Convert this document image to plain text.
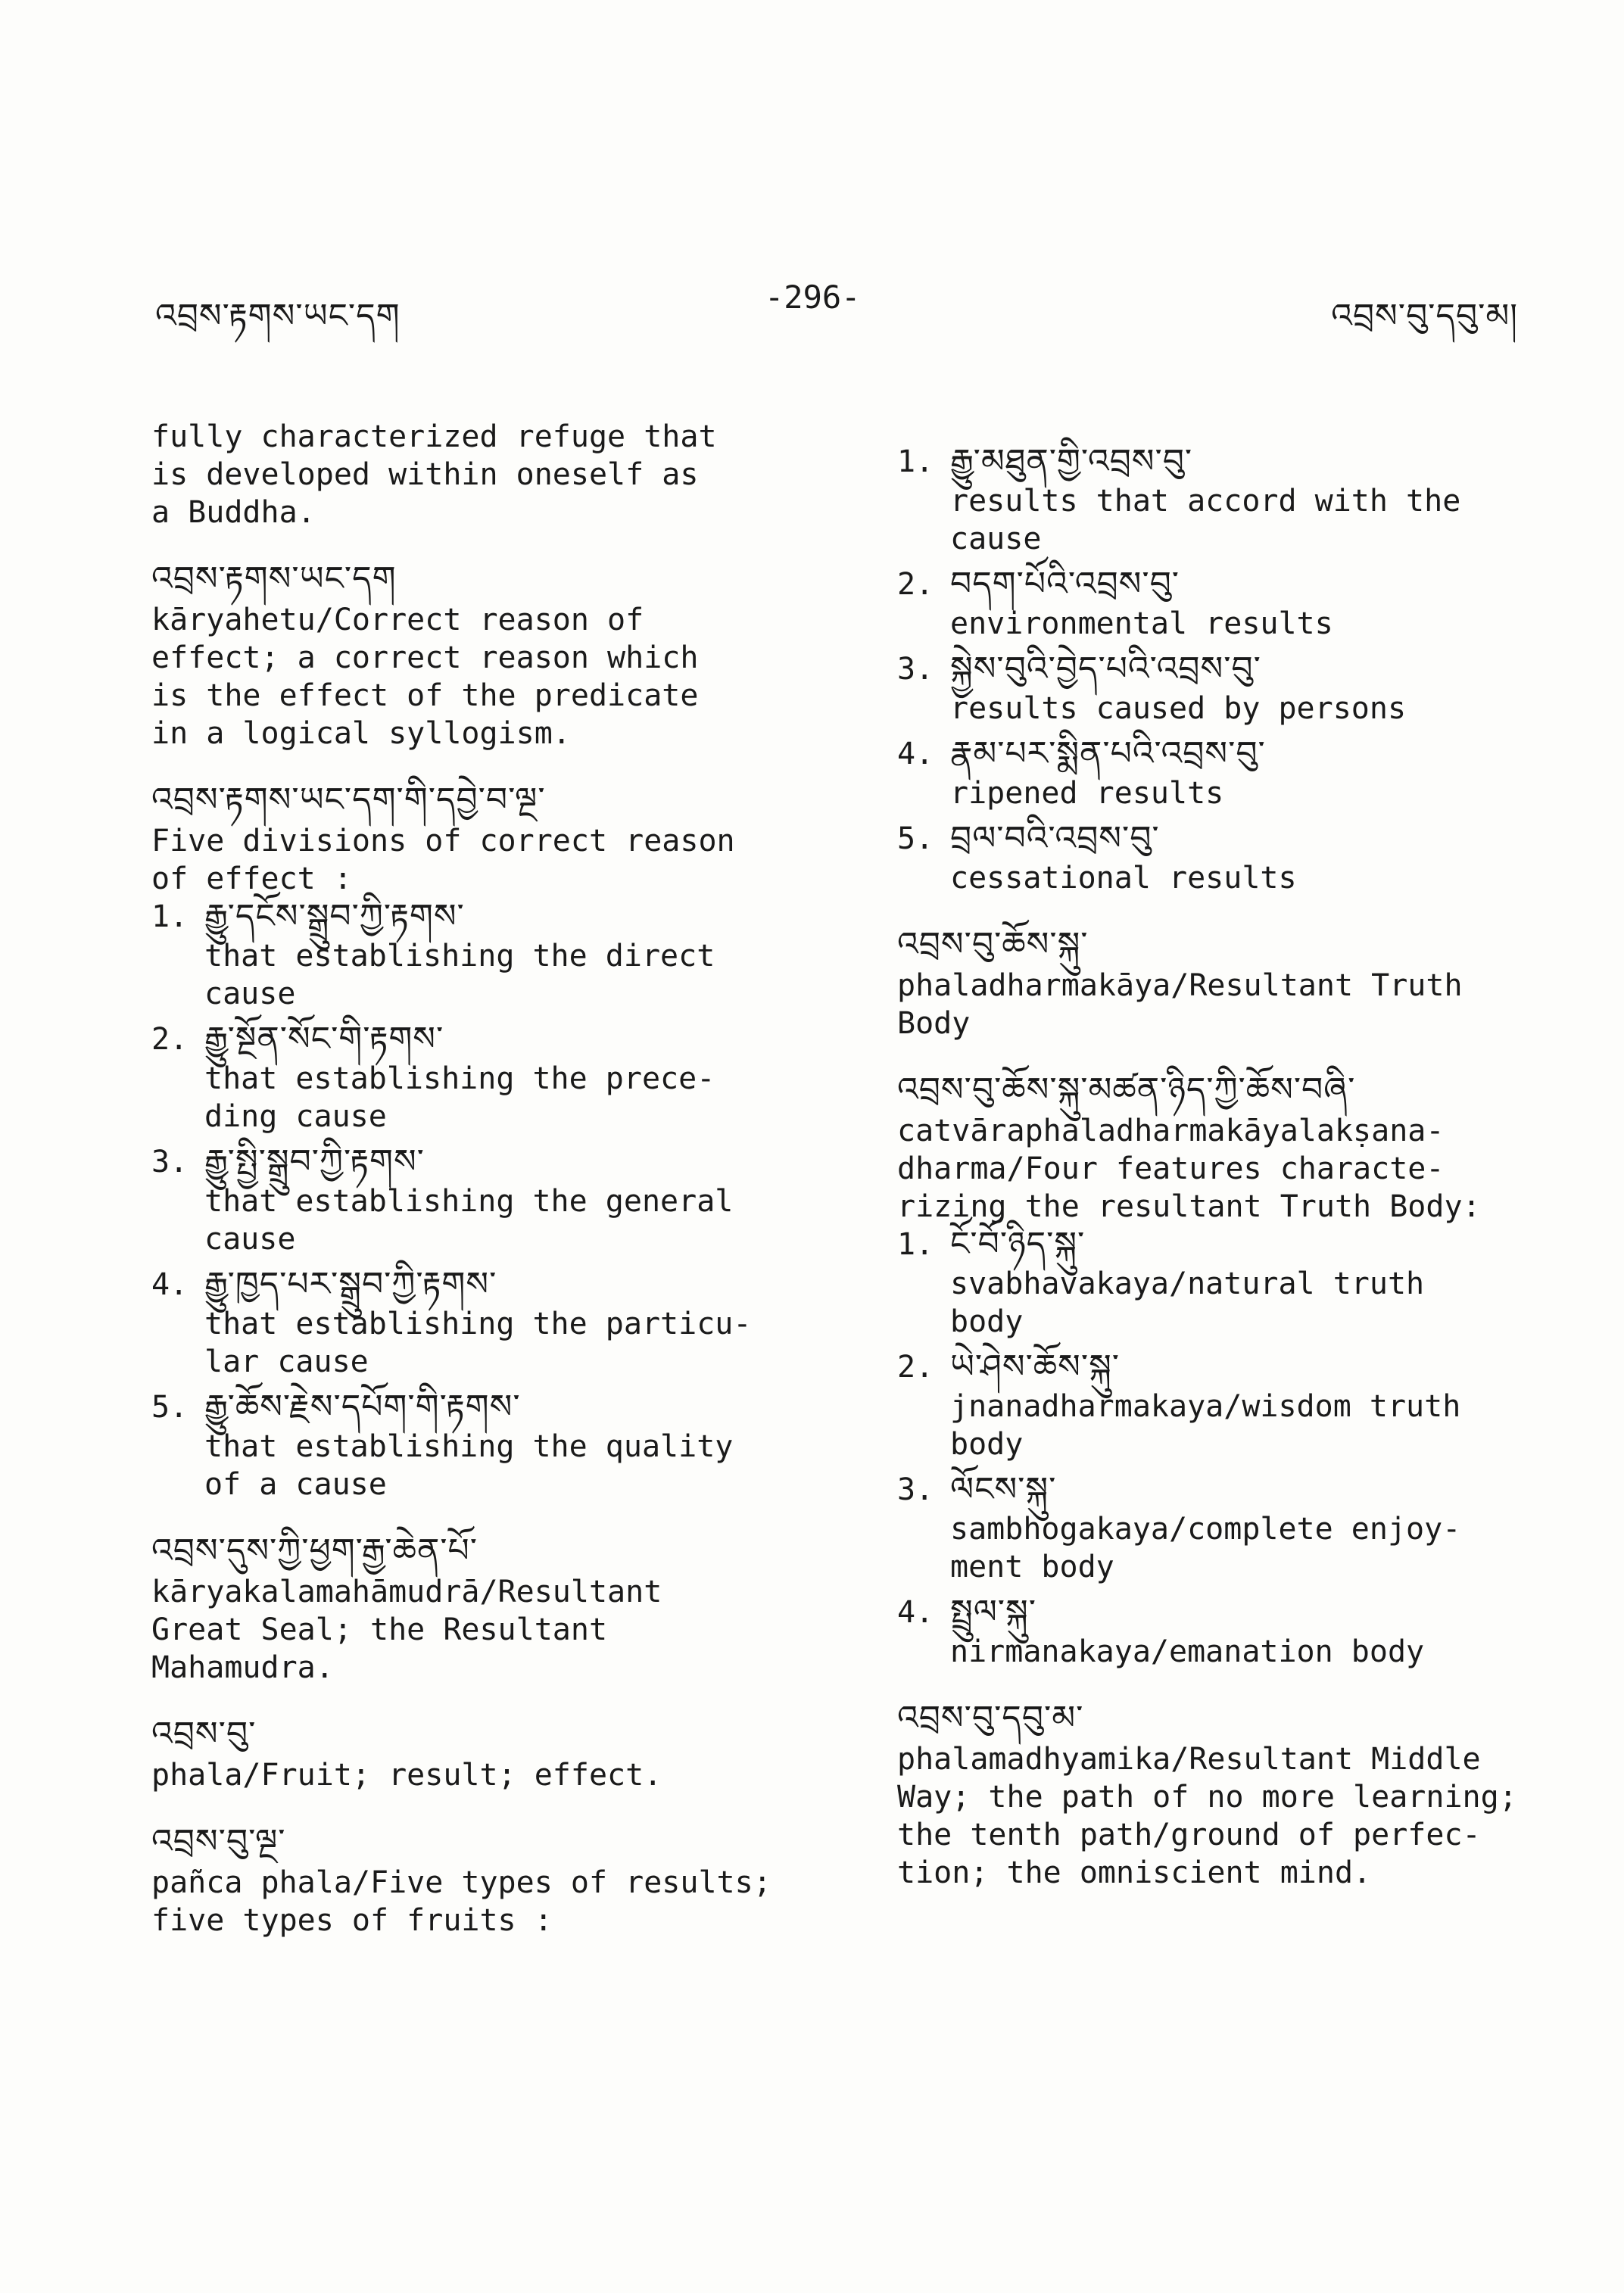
འབྲས་རྟགས་ཡང་དག	-296-	འབྲས་བུ་དབུ་མ།
fully characterized refuge that
is developed within oneself as
a Buddha.
འབྲས་རྟགས་ཡང་དག
kāryahetu/Correct reason of
effect; a correct reason which
is the effect of the predicate
in a logical syllogism.
འབྲས་རྟགས་ཡང་དག་གི་དབྱེ་བ་ལྔ་
Five divisions of correct reason
of effect :
1. རྒྱུ་དངོས་སྒྲུབ་ཀྱི་རྟགས་
that establishing the direct
cause
2. རྒྱུ་སྔོན་སོང་གི་རྟགས་
that establishing the prece-
ding cause
3. རྒྱུ་སྤྱི་སྒྲུབ་ཀྱི་རྟགས་
that establishing the general
cause
4. རྒྱུ་ཁྱད་པར་སྒྲུབ་ཀྱི་རྟགས་
that establishing the particu-
lar cause
5. རྒྱུ་ཆོས་རྗེས་དཔོག་གི་རྟགས་
that establishing the quality
of a cause
འབྲས་དུས་ཀྱི་ཕྱག་རྒྱ་ཆེན་པོ་
kāryakalamahāmudrā/Resultant
Great Seal; the Resultant
Mahamudra.
འབྲས་བུ་
phala/Fruit; result; effect.
འབྲས་བུ་ལྔ་
pañca phala/Five types of results;
five types of fruits :
1. རྒྱུ་མཐུན་གྱི་འབྲས་བུ་
results that accord with the
cause
2. བདག་པོའི་འབྲས་བུ་
environmental results
3. སྐྱེས་བུའི་བྱེད་པའི་འབྲས་བུ་
results caused by persons
4. རྣམ་པར་སྨིན་པའི་འབྲས་བུ་
ripened results
5. བྲལ་བའི་འབྲས་བུ་
cessational results
འབྲས་བུ་ཆོས་སྐུ་
phaladharmakāya/Resultant Truth
Body
འབྲས་བུ་ཆོས་སྐུ་མཚན་ཉིད་ཀྱི་ཆོས་བཞི་
catvāraphaladharmakāyalakṣana-
dharma/Four features characte-
rizing the resultant Truth Body:
1. ངོ་བོ་ཉིད་སྐུ་
svabhavakaya/natural truth
body
2. ཡེ་ཤེས་ཆོས་སྐུ་
jnanadharmakaya/wisdom truth
body
3. ལོངས་སྐུ་
sambhogakaya/complete enjoy-
ment body
4. སྤྲུལ་སྐུ་
nirmanakaya/emanation body
འབྲས་བུ་དབུ་མ་
phalamadhyamika/Resultant Middle
Way; the path of no more learning;
the tenth path/ground of perfec-
tion; the omniscient mind.
